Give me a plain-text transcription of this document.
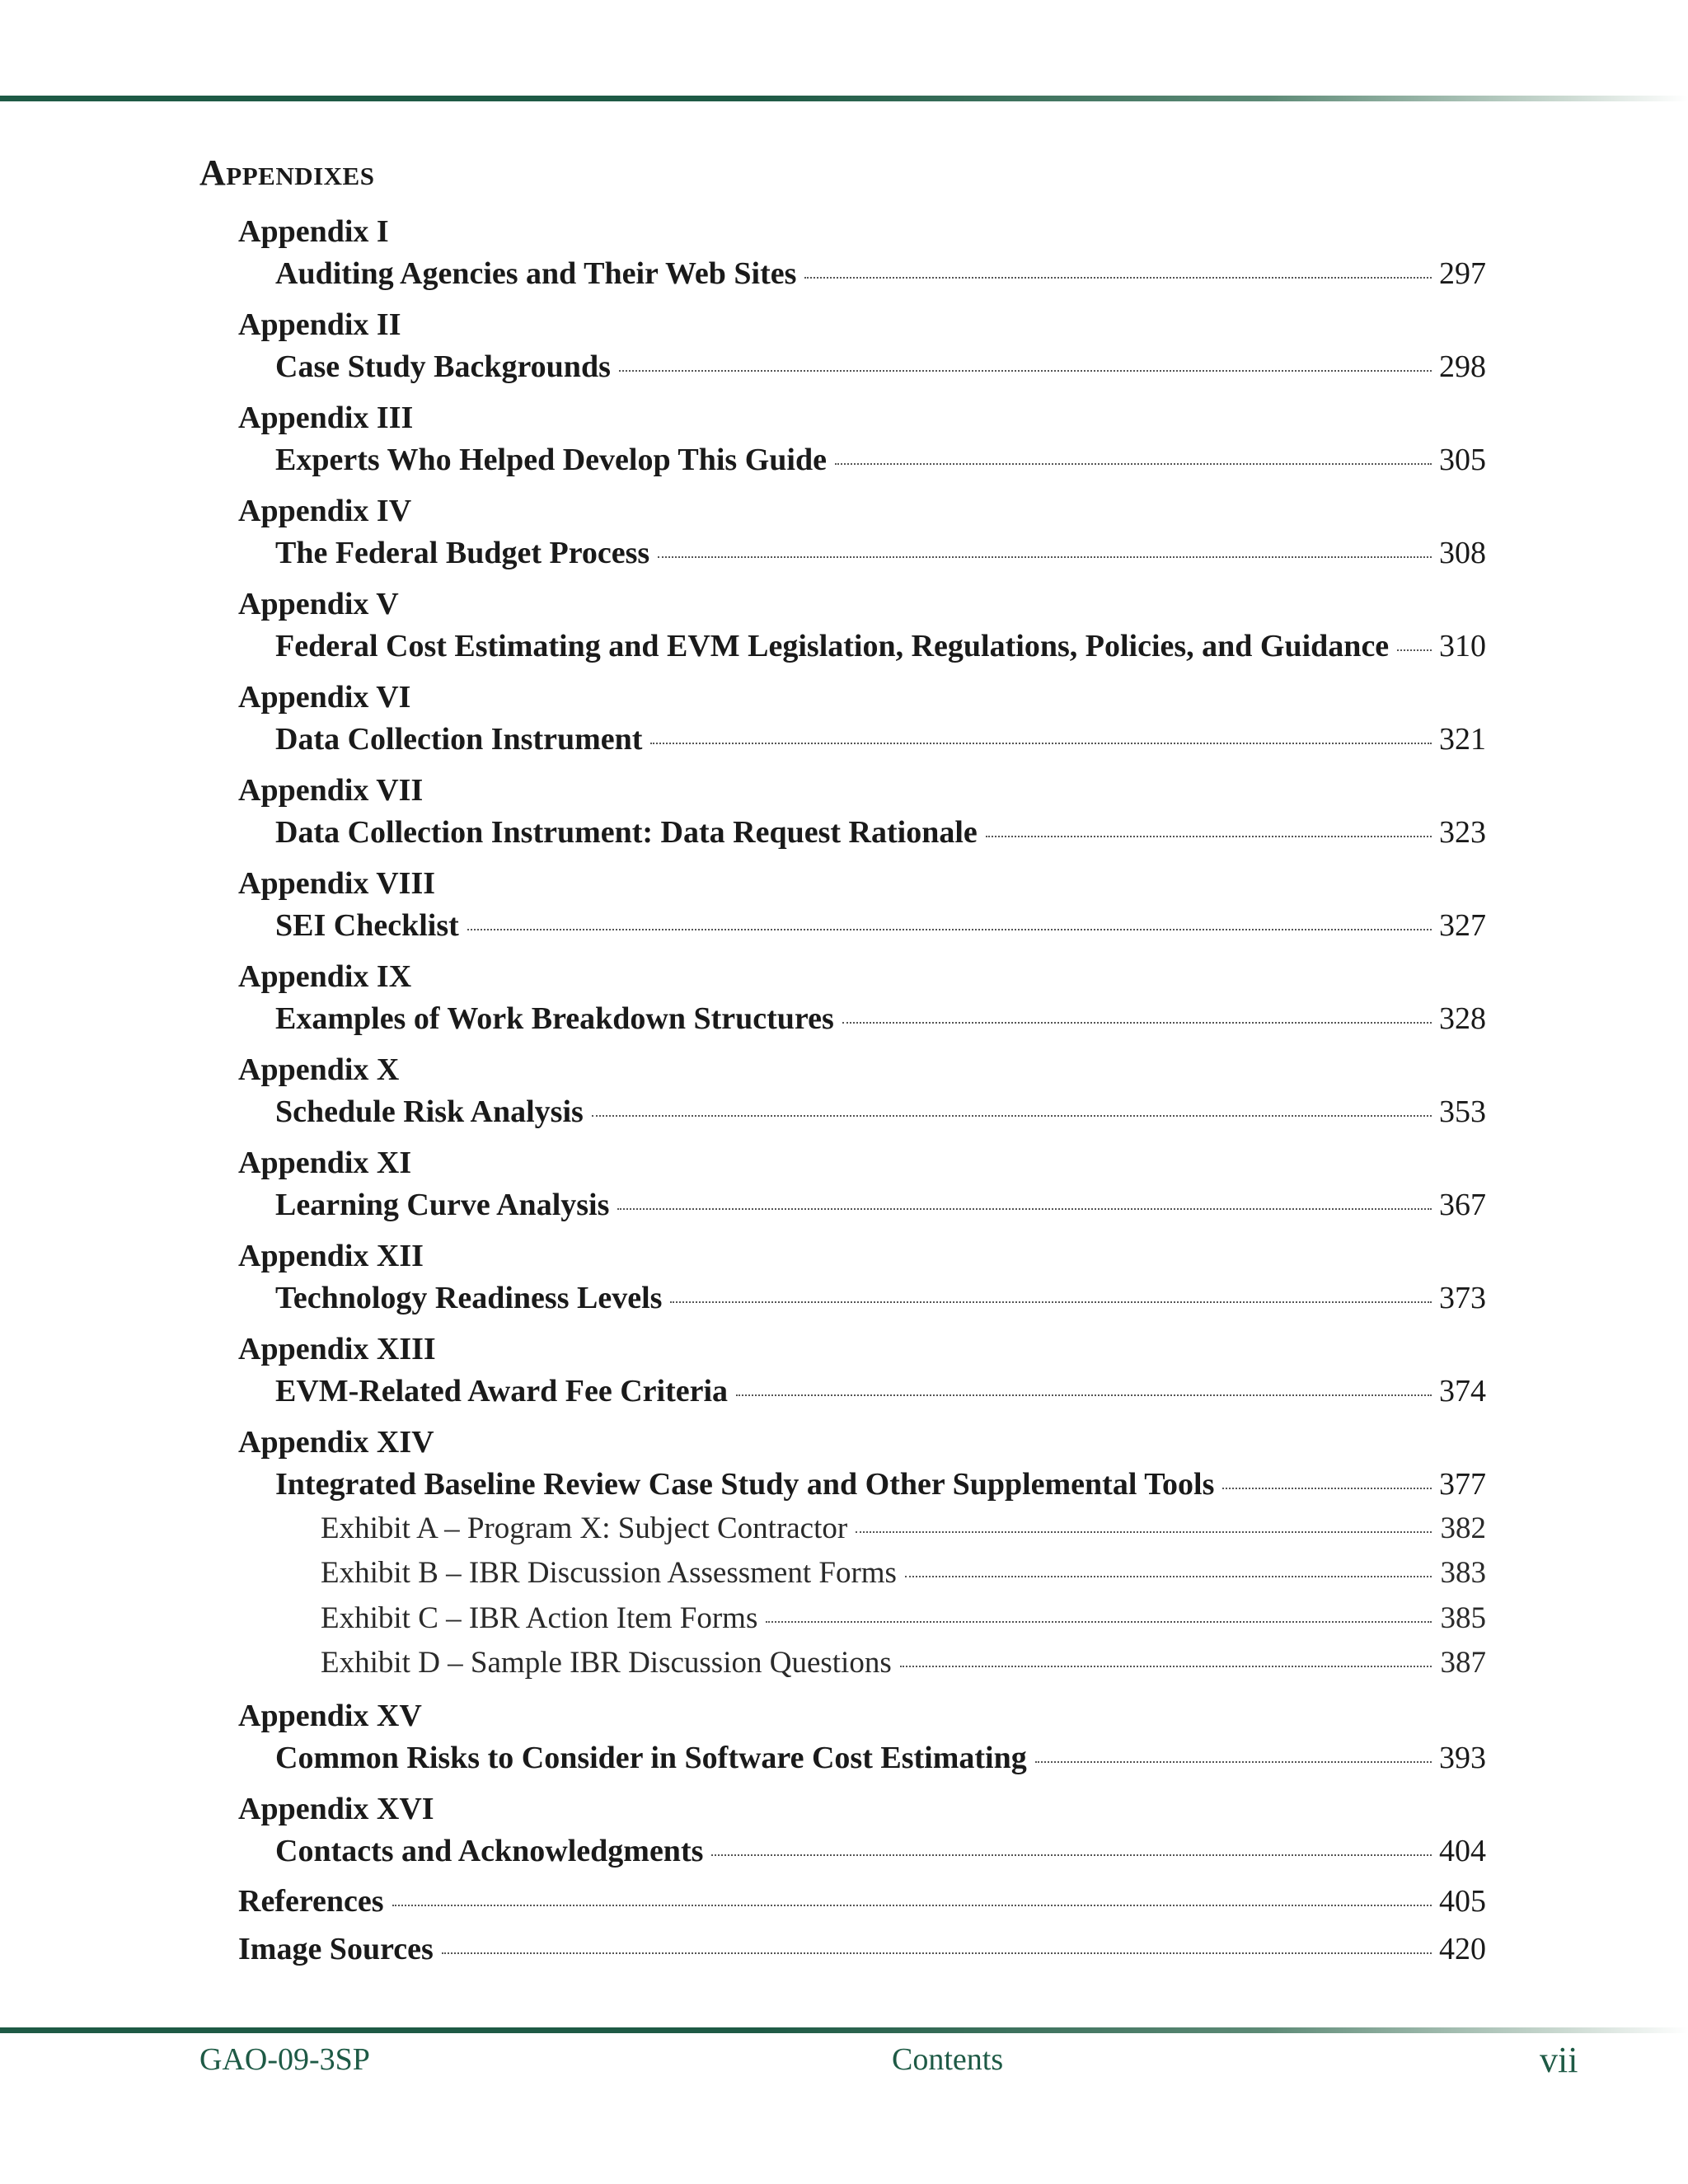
Appendixes
Appendix I
Auditing Agencies and Their Web Sites	297
Appendix II
Case Study Backgrounds	298
Appendix III
Experts Who Helped Develop This Guide	305
Appendix IV
The Federal Budget Process	308
Appendix V
Federal Cost Estimating and EVM Legislation, Regulations, Policies, and Guidance 310
Appendix VI
Data Collection Instrument	321
Appendix VII
Data Collection Instrument: Data Request Rationale	323
Appendix VIII
SEI Checklist	327
Appendix IX
Examples of Work Breakdown Structures	328
Appendix X
Schedule Risk Analysis	353
Appendix XI
Learning Curve Analysis	367
Appendix XII
Technology Readiness Levels	373
Appendix XIII
EVM-Related Award Fee Criteria	374
Appendix XIV
Integrated Baseline Review Case Study and Other Supplemental Tools	377
Exhibit A – Program X: Subject Contractor	382
Exhibit B – IBR Discussion Assessment Forms	383
Exhibit C – IBR Action Item Forms	385
Exhibit D – Sample IBR Discussion Questions	387
Appendix XV
Common Risks to Consider in Software Cost Estimating	393
Appendix XVI
Contacts and Acknowledgments	404
References	405
Image Sources	420
GAO-09-3SP	Contents	vii
